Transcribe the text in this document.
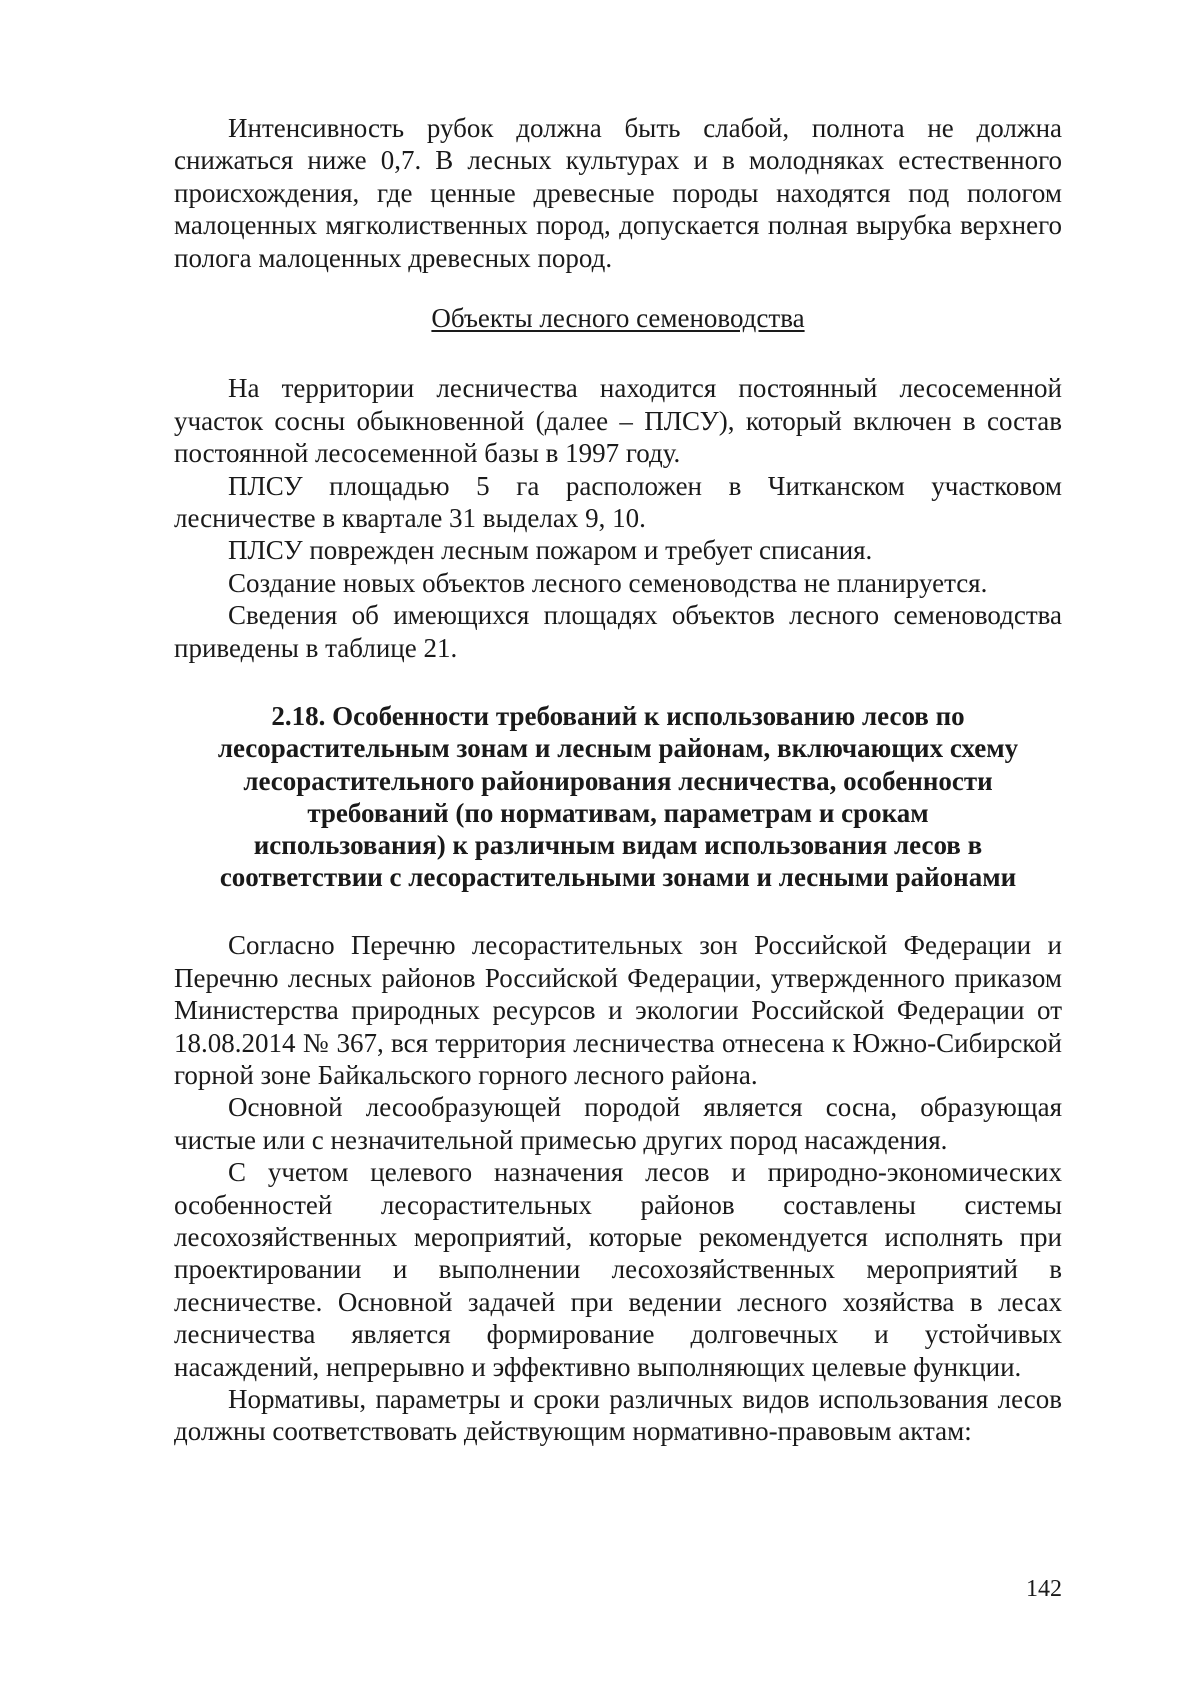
Интенсивность рубок должна быть слабой, полнота не должна снижаться ниже 0,7. В лесных культурах и в молодняках естественного происхождения, где ценные древесные породы находятся под пологом малоценных мягколиственных пород, допускается полная вырубка верхнего полога малоценных древесных пород.

Объекты лесного семеноводства

На территории лесничества находится постоянный лесосеменной участок сосны обыкновенной (далее – ПЛСУ), который включен в состав постоянной лесосеменной базы в 1997 году.

ПЛСУ площадью 5 га расположен в Читканском участковом лесничестве в квартале 31 выделах 9, 10.

ПЛСУ поврежден лесным пожаром и требует списания.

Создание новых объектов лесного семеноводства не планируется.

Сведения об имеющихся площадях объектов лесного семеноводства приведены в таблице 21.

2.18. Особенности требований к использованию лесов по
лесорастительным зонам и лесным районам, включающих схему
лесорастительного районирования лесничества, особенности
требований (по нормативам, параметрам и срокам
использования) к различным видам использования лесов в
соответствии с лесорастительными зонами и лесными районами

Согласно Перечню лесорастительных зон Российской Федерации и Перечню лесных районов Российской Федерации, утвержденного приказом Министерства природных ресурсов и экологии Российской Федерации от 18.08.2014 № 367, вся территория лесничества отнесена к Южно-Сибирской горной зоне Байкальского горного лесного района.

Основной лесообразующей породой является сосна, образующая чистые или с незначительной примесью других пород насаждения.

С учетом целевого назначения лесов и природно-экономических особенностей лесорастительных районов составлены системы лесохозяйственных мероприятий, которые рекомендуется исполнять при проектировании и выполнении лесохозяйственных мероприятий в лесничестве. Основной задачей при ведении лесного хозяйства в лесах лесничества является формирование долговечных и устойчивых насаждений, непрерывно и эффективно выполняющих целевые функции.

Нормативы, параметры и сроки различных видов использования лесов должны соответствовать действующим нормативно-правовым актам:

142
